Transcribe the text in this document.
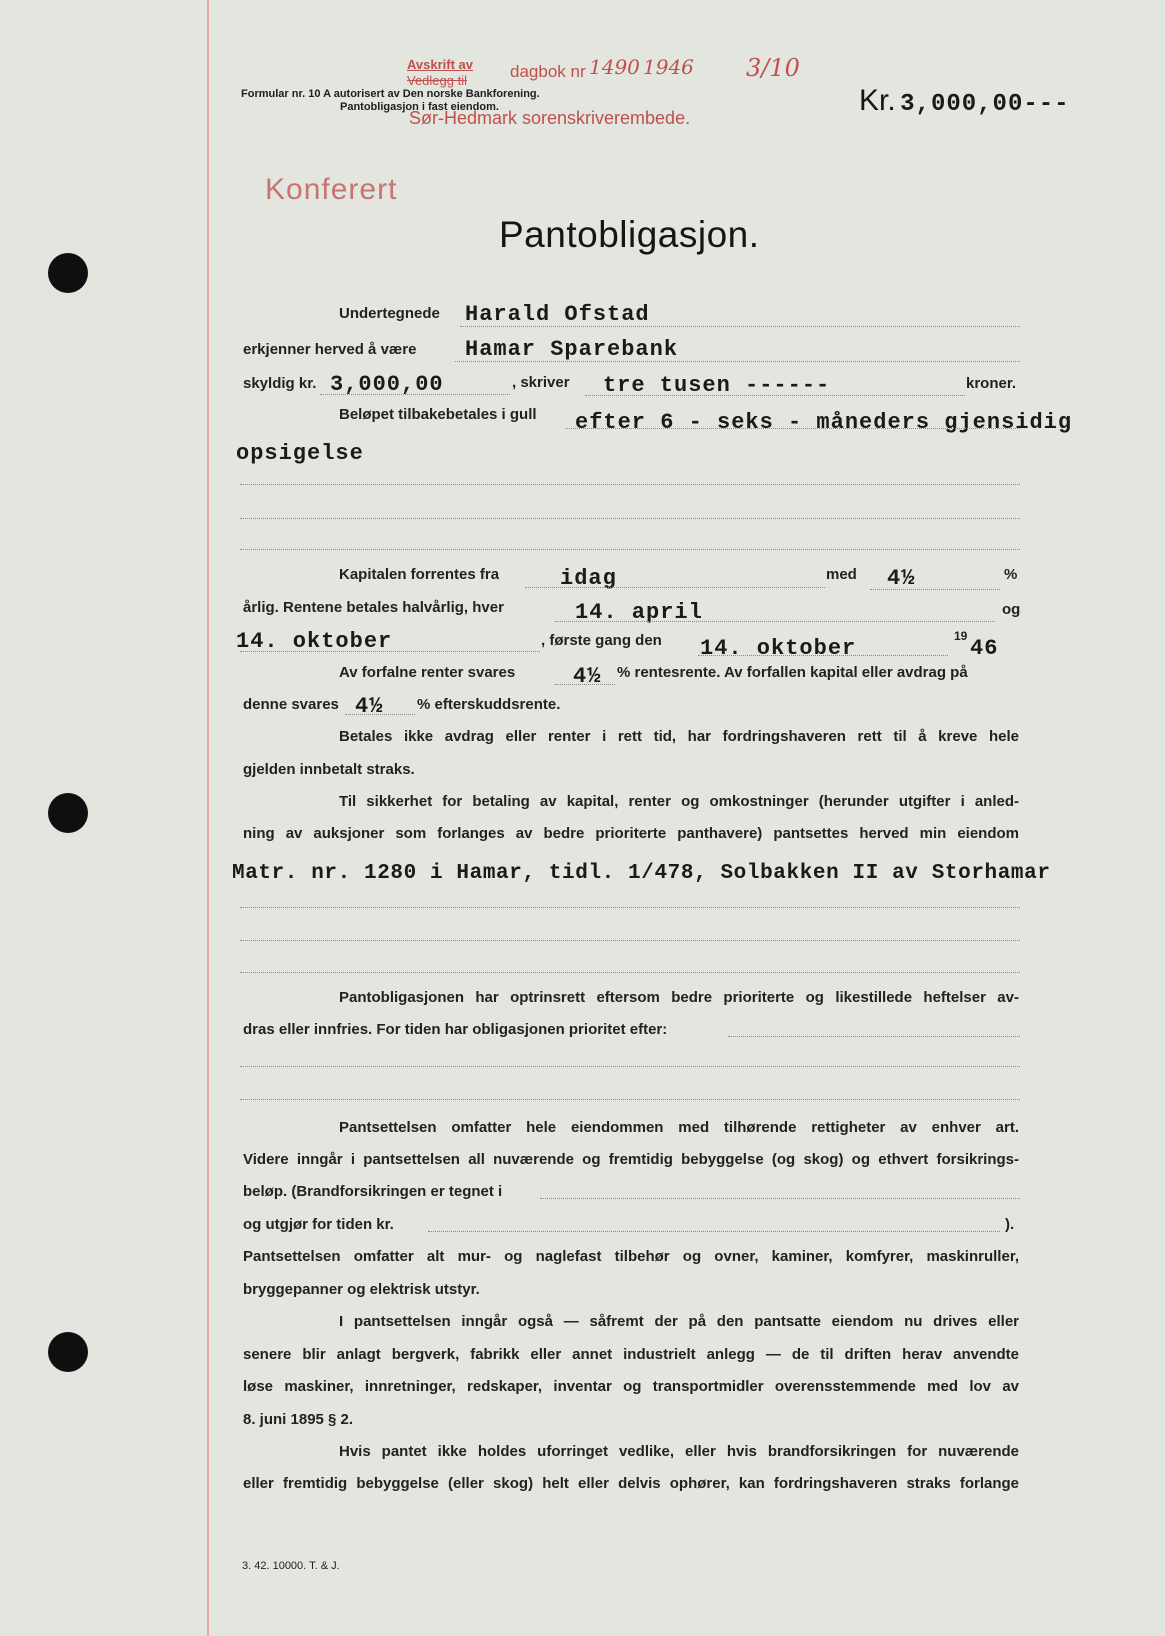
Formular nr. 10 A autorisert av Den norske Bankforening.
Pantobligasjon i fast eiendom.
Avskrift av
Vedlegg til	dagbok nr 1490 1946 3/10
Sør-Hedmark sorenskriverembede.
Kr. 3,000,00---
Konferert
Pantobligasjon.
Undertegnede Harald Ofstad
erkjenner herved å være Hamar Sparebank
skyldig kr. 3,000,00	, skriver tre tusen ------	kroner.
Beløpet tilbakebetales i gull efter 6 - seks - måneders gjensidig
opsigelse
Kapitalen forrentes fra	idag	med 4½	%
årlig. Rentene betales halvårlig, hver	14. april	og
14. oktober	, første gang den 14. oktober	19 46
Av forfalne renter svares	4½ % rentesrente. Av forfallen kapital eller avdrag på
denne svares 4½ % efterskuddsrente.
Betales ikke avdrag eller renter i rett tid, har fordringshaveren rett til å kreve hele
gjelden innbetalt straks.
Til sikkerhet for betaling av kapital, renter og omkostninger (herunder utgifter i anled-
ning av auksjoner som forlanges av bedre prioriterte panthavere) pantsettes herved min eiendom
Matr. nr. 1280 i Hamar, tidl. 1/478, Solbakken II av Storhamar
Pantobligasjonen har optrinsrett eftersom bedre prioriterte og likestillede heftelser av-
dras eller innfries. For tiden har obligasjonen prioritet efter:
Pantsettelsen omfatter hele eiendommen med tilhørende rettigheter av enhver art.
Videre inngår i pantsettelsen all nuværende og fremtidig bebyggelse (og skog) og ethvert forsikrings-
beløp. (Brandforsikringen er tegnet i
og utgjør for tiden kr.	).
Pantsettelsen omfatter alt mur- og naglefast tilbehør og ovner, kaminer, komfyrer, maskinruller,
bryggepanner og elektrisk utstyr.
I pantsettelsen inngår også — såfremt der på den pantsatte eiendom nu drives eller
senere blir anlagt bergverk, fabrikk eller annet industrielt anlegg — de til driften herav anvendte
løse maskiner, innretninger, redskaper, inventar og transportmidler overensstemmende med lov av
8. juni 1895 § 2.
Hvis pantet ikke holdes uforringet vedlike, eller hvis brandforsikringen for nuværende
eller fremtidig bebyggelse (eller skog) helt eller delvis ophører, kan fordringshaveren straks forlange
3. 42. 10000. T. & J.
